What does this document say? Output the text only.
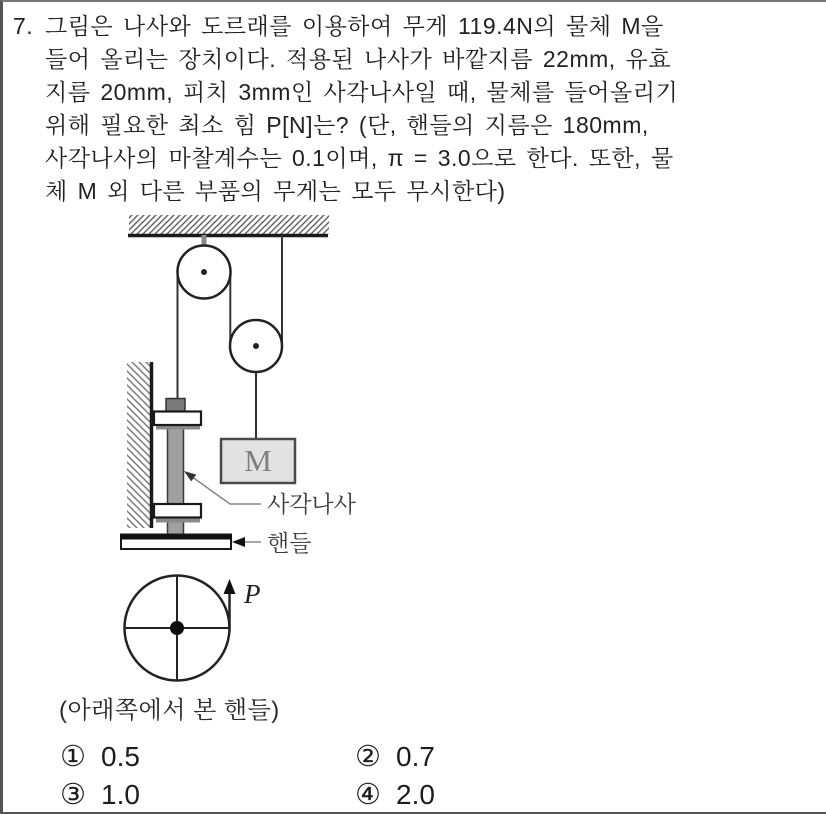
7. 그림은 나사와 도르래를 이용하여 무게 119.4N의 물체 M을
들어 올리는 장치이다. 적용된 나사가 바깥지름 22mm, 유효
지름 20mm, 피치 3mm인 사각나사일 때, 물체를 들어올리기
위해 필요한 최소 힘 P[N]는? (단, 핸들의 지름은 180mm,
사각나사의 마찰계수는 0.1이며, π = 3.0으로 한다. 또한, 물
체 M 외 다른 부품의 무게는 모두 무시한다)
M
사각나사
핸들
P
(아래쪽에서 본 핸들)
① 0.5	② 0.7
③ 1.0	④ 2.0
